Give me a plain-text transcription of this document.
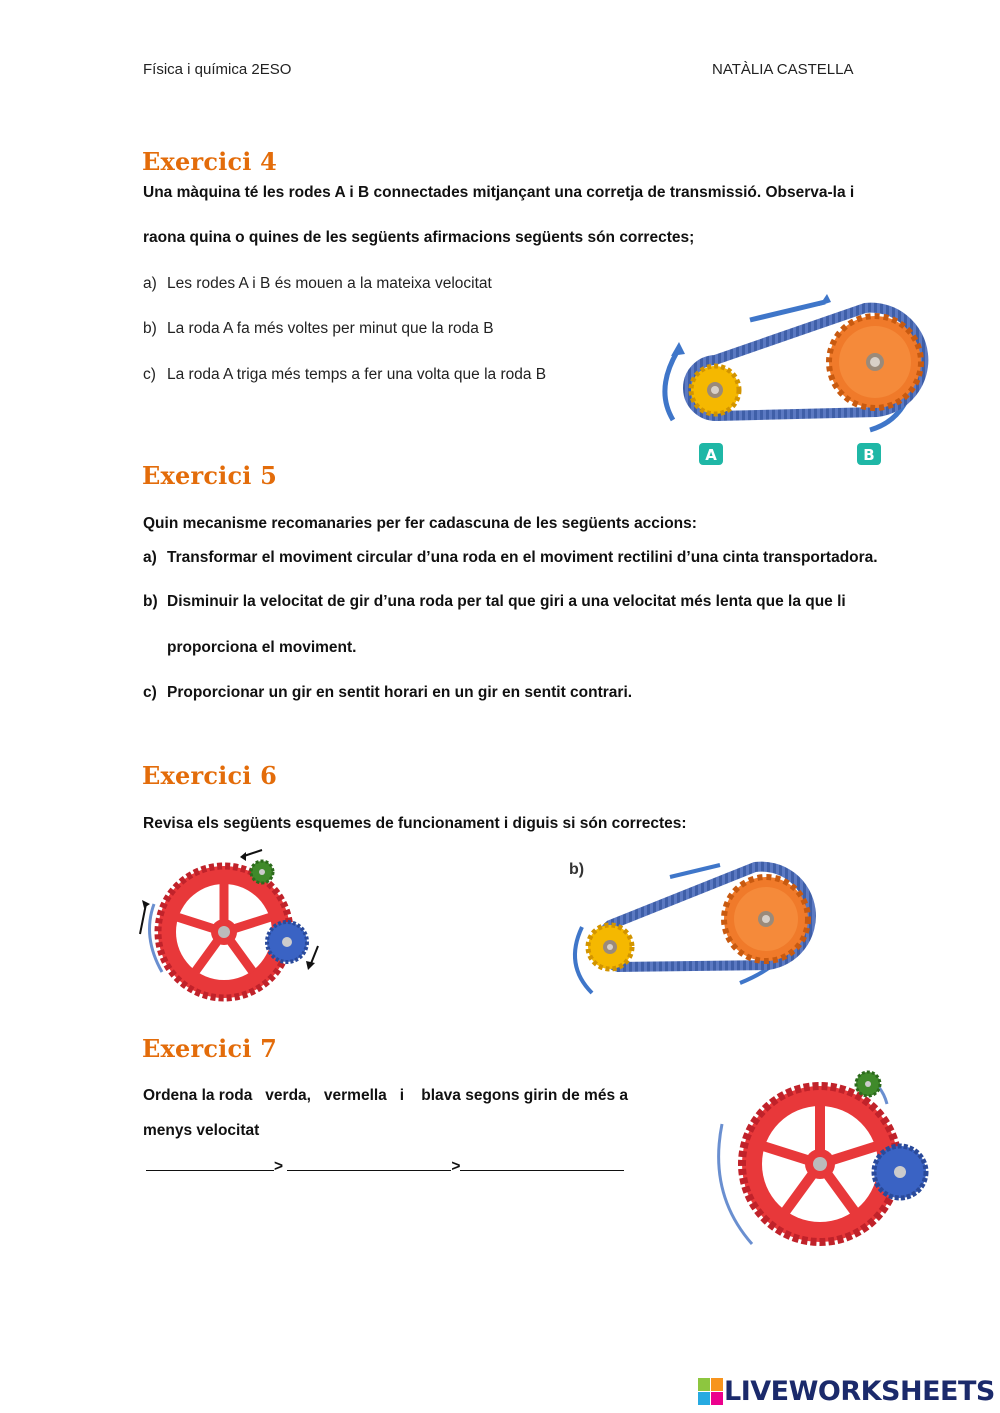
Física i química 2ESO	NATÀLIA CASTELLA
Exercici 4
Una màquina té les rodes A i B connectades mitjançant una corretja de transmissió. Observa-la i
raona quina o quines de les següents afirmacions següents són correctes;
a) Les rodes A i B és mouen a la mateixa velocitat
b) La roda A fa més voltes per minut que la roda B
c) La roda A triga més temps a fer una volta que la roda B
A	B
Exercici 5
Quin mecanisme recomanaries per fer cadascuna de les següents accions:
a) Transformar el moviment circular d’una roda en el moviment rectilini d’una cinta transportadora.
b) Disminuir la velocitat de gir d’una roda per tal que giri a una velocitat més lenta que la que li
proporciona el moviment.
c) Proporcionar un gir en sentit horari en un gir en sentit contrari.
Exercici 6
Revisa els següents esquemes de funcionament i diguis si són correctes:
b)
Exercici 7
Ordena la roda   verda,   vermella   i    blava segons girin de més a
menys velocitat
>	>
LIVEWORKSHEETS
